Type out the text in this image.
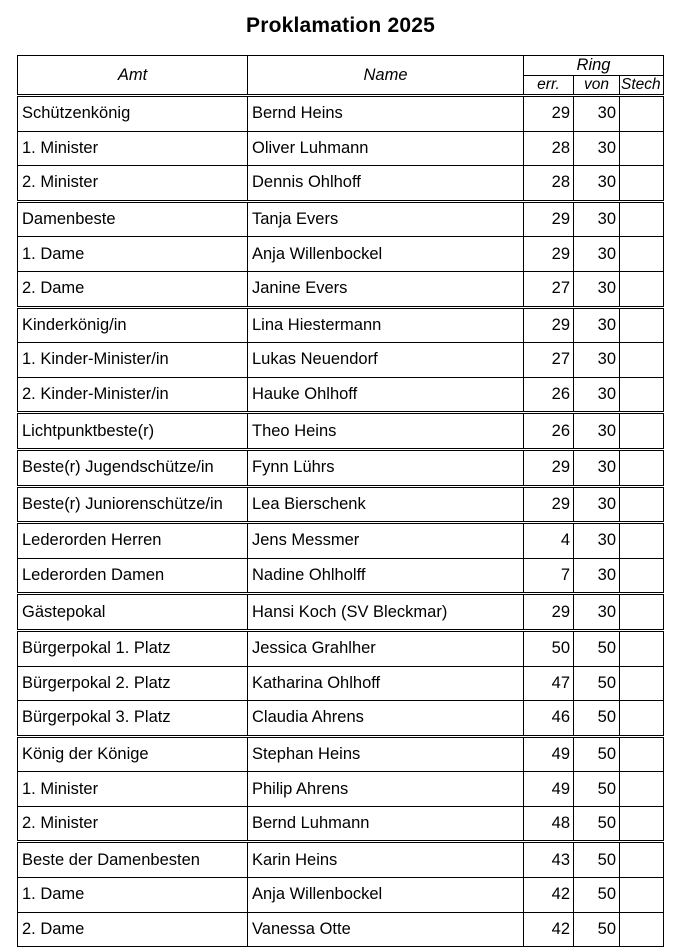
Proklamation 2025
Amt	Name	Ring		
		err.	von	Stech
Schützenkönig	Bernd Heins	29	30	
1. Minister	Oliver Luhmann	28	30	
2. Minister	Dennis Ohlhoff	28	30	
Damenbeste	Tanja Evers	29	30	
1. Dame	Anja Willenbockel	29	30	
2. Dame	Janine Evers	27	30	
Kinderkönig/in	Lina Hiestermann	29	30	
1. Kinder-Minister/in	Lukas Neuendorf	27	30	
2. Kinder-Minister/in	Hauke Ohlhoff	26	30	
Lichtpunktbeste(r)	Theo Heins	26	30	
Beste(r) Jugendschütze/in	Fynn Lührs	29	30	
Beste(r) Juniorenschütze/in	Lea Bierschenk	29	30	
Lederorden Herren	Jens Messmer	4	30	
Lederorden Damen	Nadine Ohlholff	7	30	
Gästepokal	Hansi Koch (SV Bleckmar)	29	30	
Bürgerpokal 1. Platz	Jessica Grahlher	50	50	
Bürgerpokal 2. Platz	Katharina Ohlhoff	47	50	
Bürgerpokal 3. Platz	Claudia Ahrens	46	50	
König der Könige	Stephan Heins	49	50	
1. Minister	Philip Ahrens	49	50	
2. Minister	Bernd Luhmann	48	50	
Beste der Damenbesten	Karin Heins	43	50	
1. Dame	Anja Willenbockel	42	50	
2. Dame	Vanessa Otte	42	50	
